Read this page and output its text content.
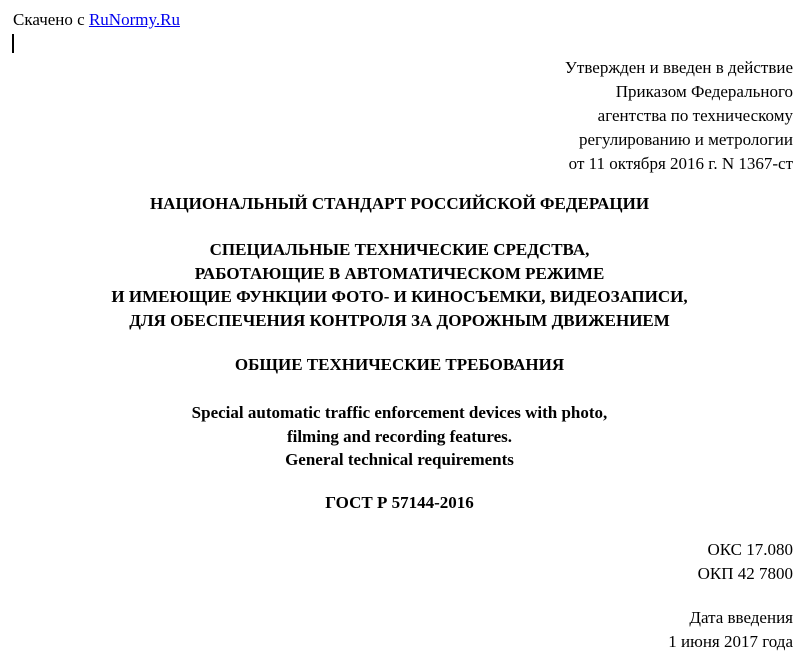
Скачено с RuNormy.Ru
Утвержден и введен в действие
Приказом Федерального
агентства по техническому
регулированию и метрологии
от 11 октября 2016 г. N 1367-ст
НАЦИОНАЛЬНЫЙ СТАНДАРТ РОССИЙСКОЙ ФЕДЕРАЦИИ
СПЕЦИАЛЬНЫЕ ТЕХНИЧЕСКИЕ СРЕДСТВА,
РАБОТАЮЩИЕ В АВТОМАТИЧЕСКОМ РЕЖИМЕ
И ИМЕЮЩИЕ ФУНКЦИИ ФОТО- И КИНОСЪЕМКИ, ВИДЕОЗАПИСИ,
ДЛЯ ОБЕСПЕЧЕНИЯ КОНТРОЛЯ ЗА ДОРОЖНЫМ ДВИЖЕНИЕМ
ОБЩИЕ ТЕХНИЧЕСКИЕ ТРЕБОВАНИЯ
Special automatic traffic enforcement devices with photo,
filming and recording features.
General technical requirements
ГОСТ Р 57144-2016
ОКС 17.080
ОКП 42 7800
Дата введения
1 июня 2017 года
